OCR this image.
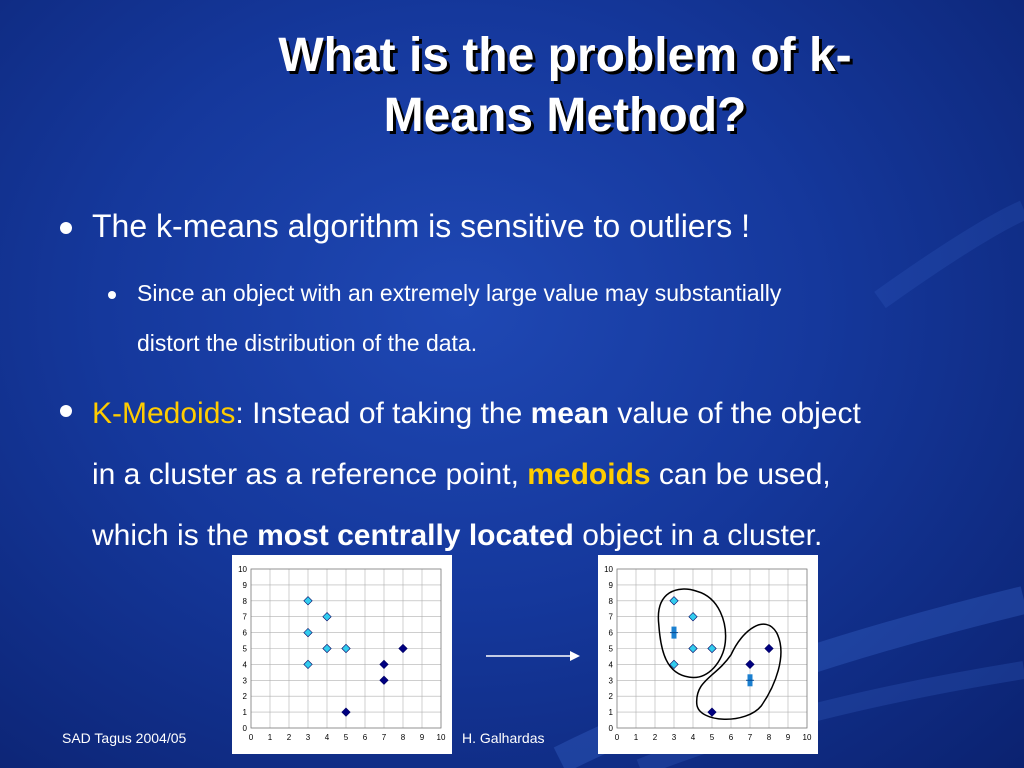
What is the problem of k-
Means Method?
The k-means algorithm is sensitive to outliers !
Since an object with an extremely large value may substantially
distort the distribution of the data.
K-Medoids: Instead of taking the mean value of the object
in a cluster as a reference point, medoids can be used,
which is the most centrally located object in a cluster.
0 1 2 3 4 5 6 7 8 9 10
0
1
2
3
4
5
6
7
8
9
10
0 1 2 3 4 5 6 7 8 9 10
0
1
2
3
4
5
6
7
8
9
10
SAD Tagus 2004/05	H. Galhardas
